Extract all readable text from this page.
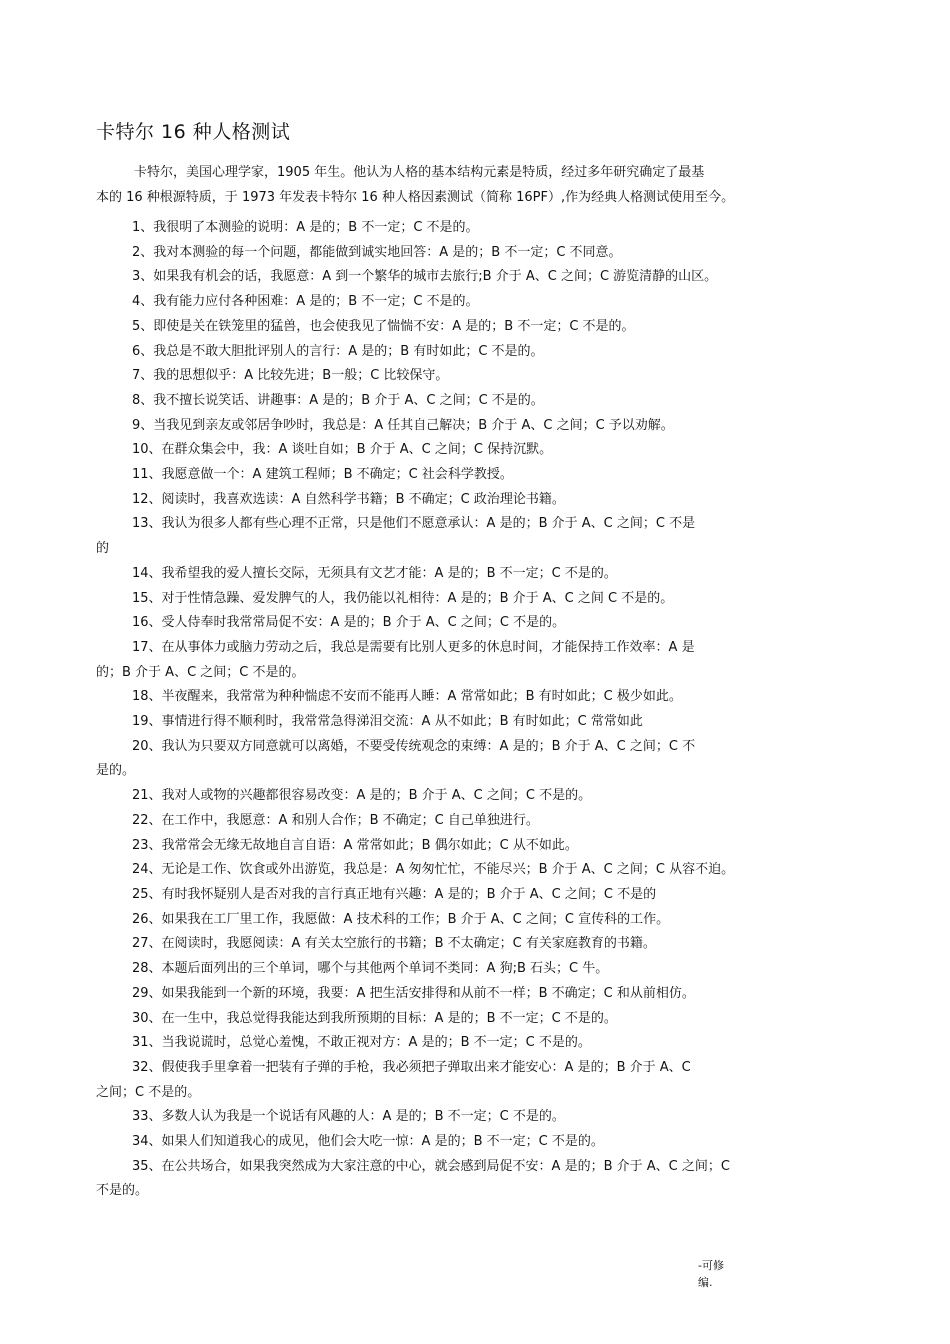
卡特尔 16 种人格测试
卡特尔，美国心理学家，1905 年生。他认为人格的基本结构元素是特质，经过多年研究确定了最基
本的 16 种根源特质，于 1973 年发表卡特尔 16 种人格因素测试（简称 16PF）,作为经典人格测试使用至今。
1、我很明了本测验的说明：A 是的；B 不一定；C 不是的。
2、我对本测验的每一个问题，都能做到诚实地回答：A 是的；B 不一定；C 不同意。
3、如果我有机会的话，我愿意：A 到一个繁华的城市去旅行;B 介于 A、C 之间；C 游览清静的山区。
4、我有能力应付各种困难：A 是的；B 不一定；C 不是的。
5、即使是关在铁笼里的猛兽，也会使我见了惴惴不安：A 是的；B 不一定；C 不是的。
6、我总是不敢大胆批评别人的言行：A 是的；B 有时如此；C 不是的。
7、我的思想似乎：A 比较先进；B一般；C 比较保守。
8、我不擅长说笑话、讲趣事：A 是的；B 介于 A、C 之间；C 不是的。
9、当我见到亲友或邻居争吵时，我总是：A 任其自己解决；B 介于 A、C 之间；C 予以劝解。
10、在群众集会中，我：A 谈吐自如；B 介于 A、C 之间；C 保持沉默。
11、我愿意做一个：A 建筑工程师；B 不确定；C 社会科学教授。
12、阅读时，我喜欢选读：A 自然科学书籍；B 不确定；C 政治理论书籍。
13、我认为很多人都有些心理不正常，只是他们不愿意承认：A 是的；B 介于 A、C 之间；C 不是
的
14、我希望我的爱人擅长交际，无须具有文艺才能：A 是的；B 不一定；C 不是的。
15、对于性情急躁、爱发脾气的人，我仍能以礼相待：A 是的；B 介于 A、C 之间 C 不是的。
16、受人侍奉时我常常局促不安：A 是的；B 介于 A、C 之间；C 不是的。
17、在从事体力或脑力劳动之后，我总是需要有比别人更多的休息时间，才能保持工作效率：A 是
的；B 介于 A、C 之间；C 不是的。
18、半夜醒来，我常常为种种惴虑不安而不能再人睡：A 常常如此；B 有时如此；C 极少如此。
19、事情进行得不顺利时，我常常急得涕泪交流：A 从不如此；B 有时如此；C 常常如此
20、我认为只要双方同意就可以离婚，不要受传统观念的束缚：A 是的；B 介于 A、C 之间；C 不
是的。
21、我对人或物的兴趣都很容易改变：A 是的；B 介于 A、C 之间；C 不是的。
22、在工作中，我愿意：A 和别人合作；B 不确定；C 自己单独进行。
23、我常常会无缘无故地自言自语：A 常常如此；B 偶尔如此；C 从不如此。
24、无论是工作、饮食或外出游览，我总是：A 匆匆忙忙，不能尽兴；B 介于 A、C 之间；C 从容不迫。
25、有时我怀疑别人是否对我的言行真正地有兴趣：A 是的；B 介于 A、C 之间；C 不是的
26、如果我在工厂里工作，我愿做：A 技术科的工作；B 介于 A、C 之间；C 宣传科的工作。
27、在阅读时，我愿阅读：A 有关太空旅行的书籍；B 不太确定；C 有关家庭教育的书籍。
28、本题后面列出的三个单词，哪个与其他两个单词不类同：A 狗;B 石头；C 牛。
29、如果我能到一个新的环境，我要：A 把生活安排得和从前不一样；B 不确定；C 和从前相仿。
30、在一生中，我总觉得我能达到我所预期的目标：A 是的；B 不一定；C 不是的。
31、当我说谎时，总觉心羞愧，不敢正视对方：A 是的；B 不一定；C 不是的。
32、假使我手里拿着一把装有子弹的手枪，我必须把子弹取出来才能安心：A 是的；B 介于 A、C
之间；C 不是的。
33、多数人认为我是一个说话有风趣的人：A 是的；B 不一定；C 不是的。
34、如果人们知道我心的成见，他们会大吃一惊：A 是的；B 不一定；C 不是的。
35、在公共场合，如果我突然成为大家注意的中心，就会感到局促不安：A 是的；B 介于 A、C 之间；C
不是的。
-可修
编.
